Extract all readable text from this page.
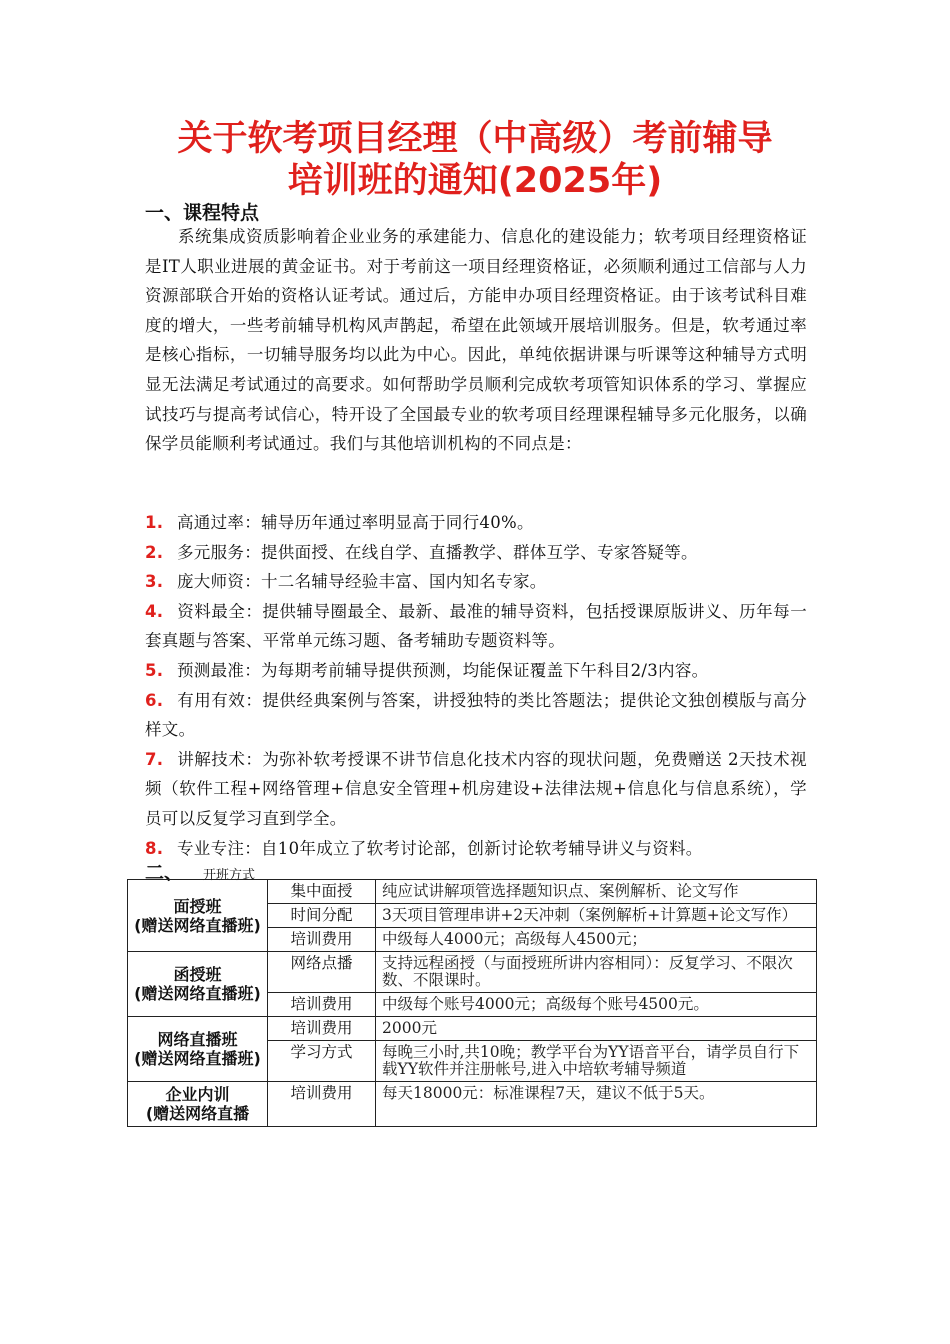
关于软考项目经理（中高级）考前辅导
培训班的通知(2025年)
一、课程特点
系统集成资质影响着企业业务的承建能力、信息化的建设能力；软考项目经理资格证是IT人职业进展的黄金证书。对于考前这一项目经理资格证，必须顺利通过工信部与人力资源部联合开始的资格认证考试。通过后，方能申办项目经理资格证。由于该考试科目难度的增大，一些考前辅导机构风声鹊起，希望在此领域开展培训服务。但是，软考通过率是核心指标，一切辅导服务均以此为中心。因此，单纯依据讲课与听课等这种辅导方式明显无法满足考试通过的高要求。如何帮助学员顺利完成软考项管知识体系的学习、掌握应试技巧与提高考试信心，特开设了全国最专业的软考项目经理课程辅导多元化服务，以确保学员能顺利考试通过。我们与其他培训机构的不同点是：
1. 高通过率：辅导历年通过率明显高于同行40%。
2. 多元服务：提供面授、在线自学、直播教学、群体互学、专家答疑等。
3. 庞大师资：十二名辅导经验丰富、国内知名专家。
4. 资料最全：提供辅导圈最全、最新、最准的辅导资料，包括授课原版讲义、历年每一套真题与答案、平常单元练习题、备考辅助专题资料等。
5. 预测最准：为每期考前辅导提供预测，均能保证覆盖下午科目2/3内容。
6. 有用有效：提供经典案例与答案，讲授独特的类比答题法；提供论文独创模版与高分样文。
7. 讲解技术：为弥补软考授课不讲节信息化技术内容的现状问题，免费赠送 2天技术视频（软件工程+网络管理+信息安全管理+机房建设+法律法规+信息化与信息系统），学员可以反复学习直到学全。
8. 专业专注：自10年成立了软考讨论部，创新讨论软考辅导讲义与资料。
二、 开班方式
面授班
(赠送网络直播班)	集中面授	纯应试讲解项管选择题知识点、案例解析、论文写作
	时间分配	3天项目管理串讲+2天冲刺（案例解析+计算题+论文写作）
	培训费用	中级每人4000元；高级每人4500元；
函授班
(赠送网络直播班)	网络点播	支持远程函授（与面授班所讲内容相同）：反复学习、不限次数、不限课时。
	培训费用	中级每个账号4000元；高级每个账号4500元。
网络直播班
(赠送网络直播班)	培训费用	2000元
	学习方式	每晚三小时,共10晚；教学平台为YY语音平台，请学员自行下载YY软件并注册帐号,进入中培软考辅导频道
企业内训
(赠送网络直播	培训费用	每天18000元：标准课程7天，建议不低于5天。
